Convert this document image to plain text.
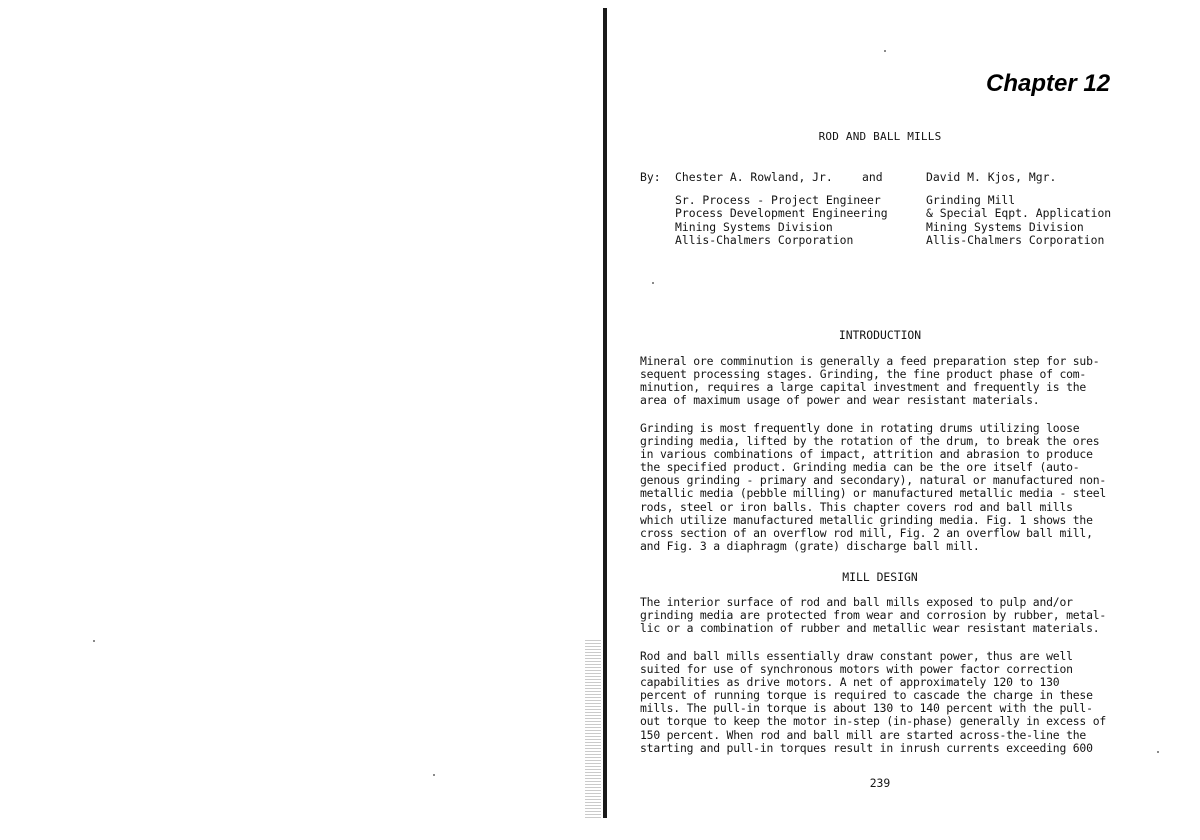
Chapter 12
ROD AND BALL MILLS
By: Chester A. Rowland, Jr.
Sr. Process - Project Engineer
Process Development Engineering
Mining Systems Division
Allis-Chalmers Corporation
and	David M. Kjos, Mgr.
Grinding Mill
& Special Eqpt. Application
Mining Systems Division
Allis-Chalmers Corporation
INTRODUCTION
Mineral ore comminution is generally a feed preparation step for sub-
sequent processing stages. Grinding, the fine product phase of com-
minution, requires a large capital investment and frequently is the
area of maximum usage of power and wear resistant materials.
Grinding is most frequently done in rotating drums utilizing loose
grinding media, lifted by the rotation of the drum, to break the ores
in various combinations of impact, attrition and abrasion to produce
the specified product. Grinding media can be the ore itself (auto-
genous grinding - primary and secondary), natural or manufactured non-
metallic media (pebble milling) or manufactured metallic media - steel
rods, steel or iron balls. This chapter covers rod and ball mills
which utilize manufactured metallic grinding media. Fig. 1 shows the
cross section of an overflow rod mill, Fig. 2 an overflow ball mill,
and Fig. 3 a diaphragm (grate) discharge ball mill.
MILL DESIGN
The interior surface of rod and ball mills exposed to pulp and/or
grinding media are protected from wear and corrosion by rubber, metal-
lic or a combination of rubber and metallic wear resistant materials.
Rod and ball mills essentially draw constant power, thus are well
suited for use of synchronous motors with power factor correction
capabilities as drive motors. A net of approximately 120 to 130
percent of running torque is required to cascade the charge in these
mills. The pull-in torque is about 130 to 140 percent with the pull-
out torque to keep the motor in-step (in-phase) generally in excess of
150 percent. When rod and ball mill are started across-the-line the
starting and pull-in torques result in inrush currents exceeding 600
239
